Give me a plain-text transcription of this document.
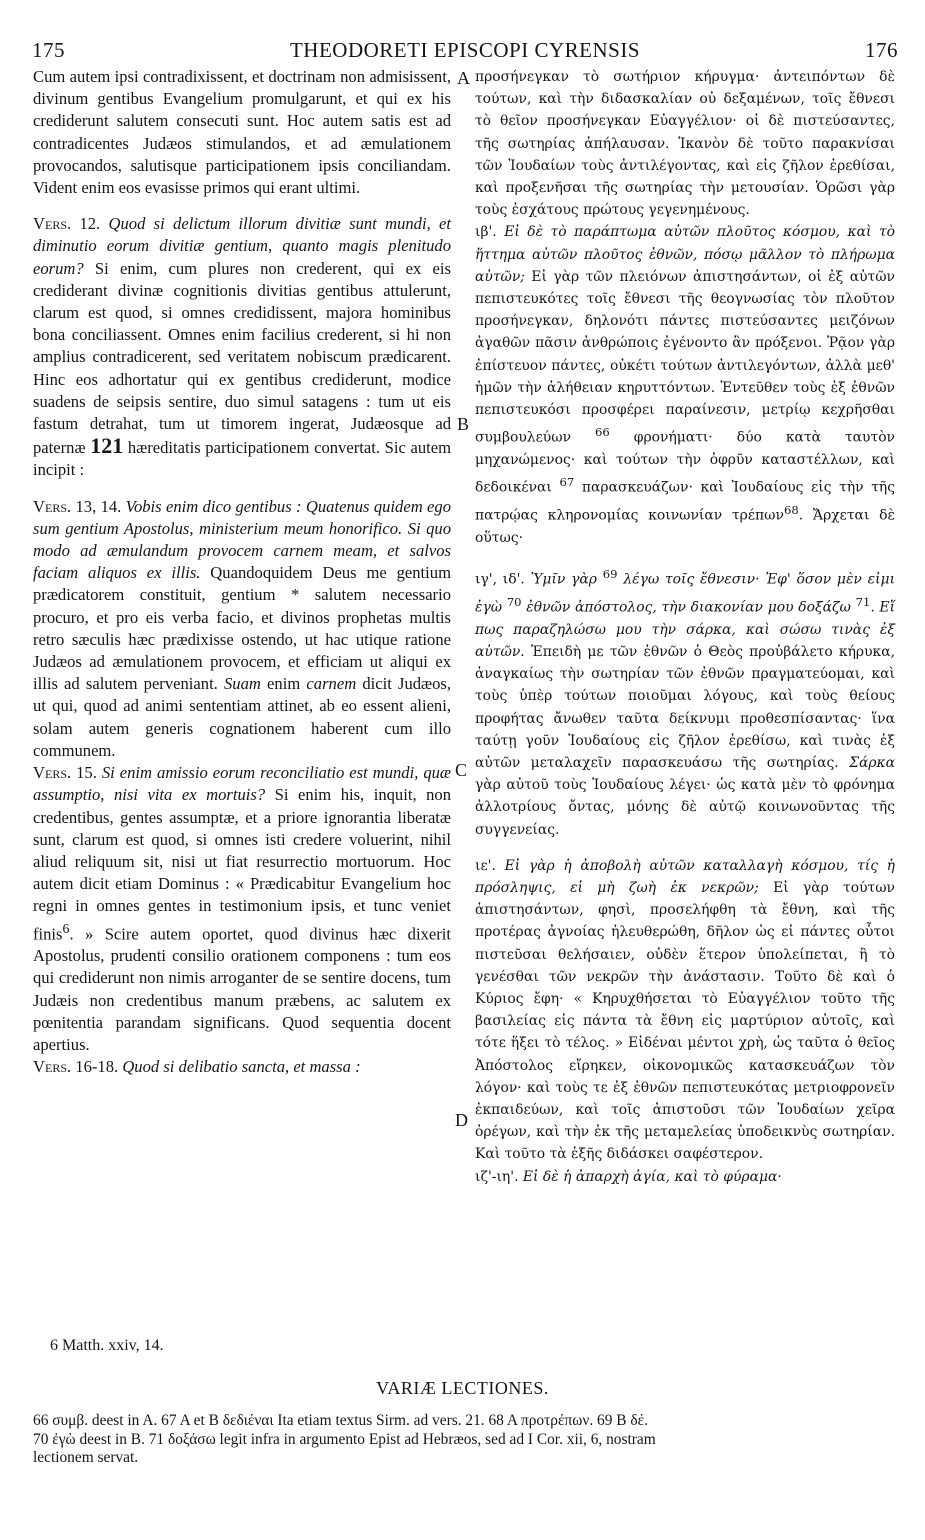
175	THEODORETI EPISCOPI CYRENSIS	176
A
B
C
D

Cum autem ipsi contradixissent, et doctrinam non admisissent, divinum gentibus Evangelium promulgarunt, et qui ex his crediderunt salutem consecuti sunt. Hoc autem satis est ad contradicentes Judæos stimulandos, et ad æmulationem provocandos, salutisque participationem ipsis conciliandam. Vident enim eos evasisse primos qui erant ultimi.

Vers. 12. Quod si delictum illorum divitiæ sunt mundi, et diminutio eorum divitiæ gentium, quanto magis plenitudo eorum? Si enim, cum plures non crederent, qui ex eis crediderant divinæ cognitionis divitias gentibus attulerunt, clarum est quod, si omnes credidissent, majora hominibus bona conciliassent. Omnes enim facilius crederent, si hi non amplius contradicerent, sed veritatem nobiscum prædicarent. Hinc eos adhortatur qui ex gentibus crediderunt, modice suadens de seipsis sentire, duo simul satagens : tum ut eis fastum detrahat, tum ut timorem ingerat, Judæosque ad paternæ 121 hæreditatis participationem convertat. Sic autem incipit :

Vers. 13, 14. Vobis enim dico gentibus : Quatenus quidem ego sum gentium Apostolus, ministerium meum honorifico. Si quo modo ad æmulandum provocem carnem meam, et salvos faciam aliquos ex illis. Quandoquidem Deus me gentium prædicatorem constituit, gentium * salutem necessario procuro, et pro eis verba facio, et divinos prophetas multis retro sæculis hæc prædixisse ostendo, ut hac utique ratione Judæos ad æmulationem provocem, et efficiam ut aliqui ex illis ad salutem perveniant. Suam enim carnem dicit Judæos, ut qui, quod ad animi sententiam attinet, ab eo essent alieni, solam autem generis cognationem haberent cum illo communem.

Vers. 15. Si enim amissio eorum reconciliatio est mundi, quæ assumptio, nisi vita ex mortuis? Si enim his, inquit, non credentibus, gentes assumptæ, et a priore ignorantia liberatæ sunt, clarum est quod, si omnes isti credere voluerint, nihil aliud reliquum sit, nisi ut fiat resurrectio mortuorum. Hoc autem dicit etiam Dominus : « Prædicabitur Evangelium hoc regni in omnes gentes in testimonium ipsis, et tunc veniet finis$^6$. » Scire autem oportet, quod divinus hæc dixerit Apostolus, prudenti consilio orationem componens : tum eos qui crediderunt non nimis arroganter de se sentire docens, tum Judæis non credentibus manum præbens, ac salutem ex pœnitentia parandam significans. Quod sequentia docent apertius.

Vers. 16-18. Quod si delibatio sancta, et massa :

προσήνεγκαν τὸ σωτήριον κήρυγμα· ἀντειπόντων δὲ τούτων, καὶ τὴν διδασκαλίαν οὐ δεξαμένων, τοῖς ἔθνεσι τὸ θεῖον προσήνεγκαν Εὐαγγέλιον· οἱ δὲ πιστεύσαντες, τῆς σωτηρίας ἀπήλαυσαν. Ἱκανὸν δὲ τοῦτο παρακνίσαι τῶν Ἰουδαίων τοὺς ἀντιλέγοντας, καὶ εἰς ζῆλον ἐρεθίσαι, καὶ προξενῆσαι τῆς σωτηρίας τὴν μετουσίαν. Ὁρῶσι γὰρ τοὺς ἐσχάτους πρώτους γεγενημένους.

ιβ'. Εἰ δὲ τὸ παράπτωμα αὐτῶν πλοῦτος κόσμου, καὶ τὸ ἥττημα αὐτῶν πλοῦτος ἐθνῶν, πόσῳ μᾶλλον τὸ πλήρωμα αὐτῶν; Εἰ γὰρ τῶν πλειόνων ἀπιστησάντων, οἱ ἐξ αὐτῶν πεπιστευκότες τοῖς ἔθνεσι τῆς θεογνωσίας τὸν πλοῦτον προσήνεγκαν, δηλονότι πάντες πιστεύσαντες μειζόνων ἀγαθῶν πᾶσιν ἀνθρώποις ἐγένοντο ἂν πρόξενοι. Ῥᾷον γὰρ ἐπίστευον πάντες, οὐκέτι τούτων ἀντιλεγόντων, ἀλλὰ μεθ' ἡμῶν τὴν ἀλήθειαν κηρυττόντων. Ἐντεῦθεν τοὺς ἐξ ἐθνῶν πεπιστευκόσι προσφέρει παραίνεσιν, μετρίῳ κεχρῆσθαι συμβουλεύων $^{66}$ φρονήματι· δύο κατὰ ταυτὸν μηχανώμενος· καὶ τούτων τὴν ὀφρῦν καταστέλλων, καὶ δεδοικέναι $^{67}$ παρασκευάζων· καὶ Ἰουδαίους εἰς τὴν τῆς πατρῴας κληρονομίας κοινωνίαν τρέπων$^{68}$. Ἄρχεται δὲ οὕτως·

ιγ', ιδ'. Ὑμῖν γὰρ $^{69}$ λέγω τοῖς ἔθνεσιν· Ἐφ' ὅσον μὲν εἰμι ἐγὼ $^{70}$ ἐθνῶν ἀπόστολος, τὴν διακονίαν μου δοξάζω $^{71}$. Εἴ πως παραζηλώσω μου τὴν σάρκα, καὶ σώσω τινὰς ἐξ αὐτῶν. Ἐπειδὴ με τῶν ἐθνῶν ὁ Θεὸς προὐβάλετο κήρυκα, ἀναγκαίως τὴν σωτηρίαν τῶν ἐθνῶν πραγματεύομαι, καὶ τοὺς ὑπὲρ τούτων ποιοῦμαι λόγους, καὶ τοὺς θείους προφήτας ἄνωθεν ταῦτα δείκνυμι προθεσπίσαντας· ἵνα ταύτῃ γοῦν Ἰουδαίους εἰς ζῆλον ἐρεθίσω, καὶ τινὰς ἐξ αὐτῶν μεταλαχεῖν παρασκευάσω τῆς σωτηρίας. Σάρκα γὰρ αὐτοῦ τοὺς Ἰουδαίους λέγει· ὡς κατὰ μὲν τὸ φρόνημα ἀλλοτρίους ὄντας, μόνης δὲ αὐτῷ κοινωνοῦντας τῆς συγγενείας.

ιε'. Εἰ γὰρ ἡ ἀποβολὴ αὐτῶν καταλλαγὴ κόσμου, τίς ἡ πρόσληψις, εἰ μὴ ζωὴ ἐκ νεκρῶν; Εἰ γὰρ τούτων ἀπιστησάντων, φησὶ, προσελήφθη τὰ ἔθνη, καὶ τῆς προτέρας ἀγνοίας ἠλευθερώθη, δῆλον ὡς εἰ πάντες οὗτοι πιστεῦσαι θελήσαιεν, οὐδὲν ἕτερον ὑπολείπεται, ἢ τὸ γενέσθαι τῶν νεκρῶν τὴν ἀνάστασιν. Τοῦτο δὲ καὶ ὁ Κύριος ἔφη· « Κηρυχθήσεται τὸ Εὐαγγέλιον τοῦτο τῆς βασιλείας εἰς πάντα τὰ ἔθνη εἰς μαρτύριον αὐτοῖς, καὶ τότε ἥξει τὸ τέλος. » Εἰδέναι μέντοι χρὴ, ὡς ταῦτα ὁ θεῖος Ἀπόστολος εἴρηκεν, οἰκονομικῶς κατασκευάζων τὸν λόγον· καὶ τοὺς τε ἐξ ἐθνῶν πεπιστευκότας μετριοφρονεῖν ἐκπαιδεύων, καὶ τοῖς ἀπιστοῦσι τῶν Ἰουδαίων χεῖρα ὀρέγων, καὶ τὴν ἐκ τῆς μεταμελείας ὑποδεικνὺς σωτηρίαν. Καὶ τοῦτο τὰ ἑξῆς διδάσκει σαφέστερον.

ιζ'-ιη'. Εἰ δὲ ἡ ἀπαρχὴ ἁγία, καὶ τὸ φύραμα·

6 Matth. xxiv, 14.
VARIÆ LECTIONES.

66 συμβ. deest in A. 67 A et B δεδιέναι Ita etiam textus Sirm. ad vers. 21. 68 A προτρέπων. 69 B δέ.

70 ἐγὼ deest in B. 71 δοξάσω legit infra in argumento Epist ad Hebræos, sed ad I Cor. xii, 6, nostram

lectionem servat.
